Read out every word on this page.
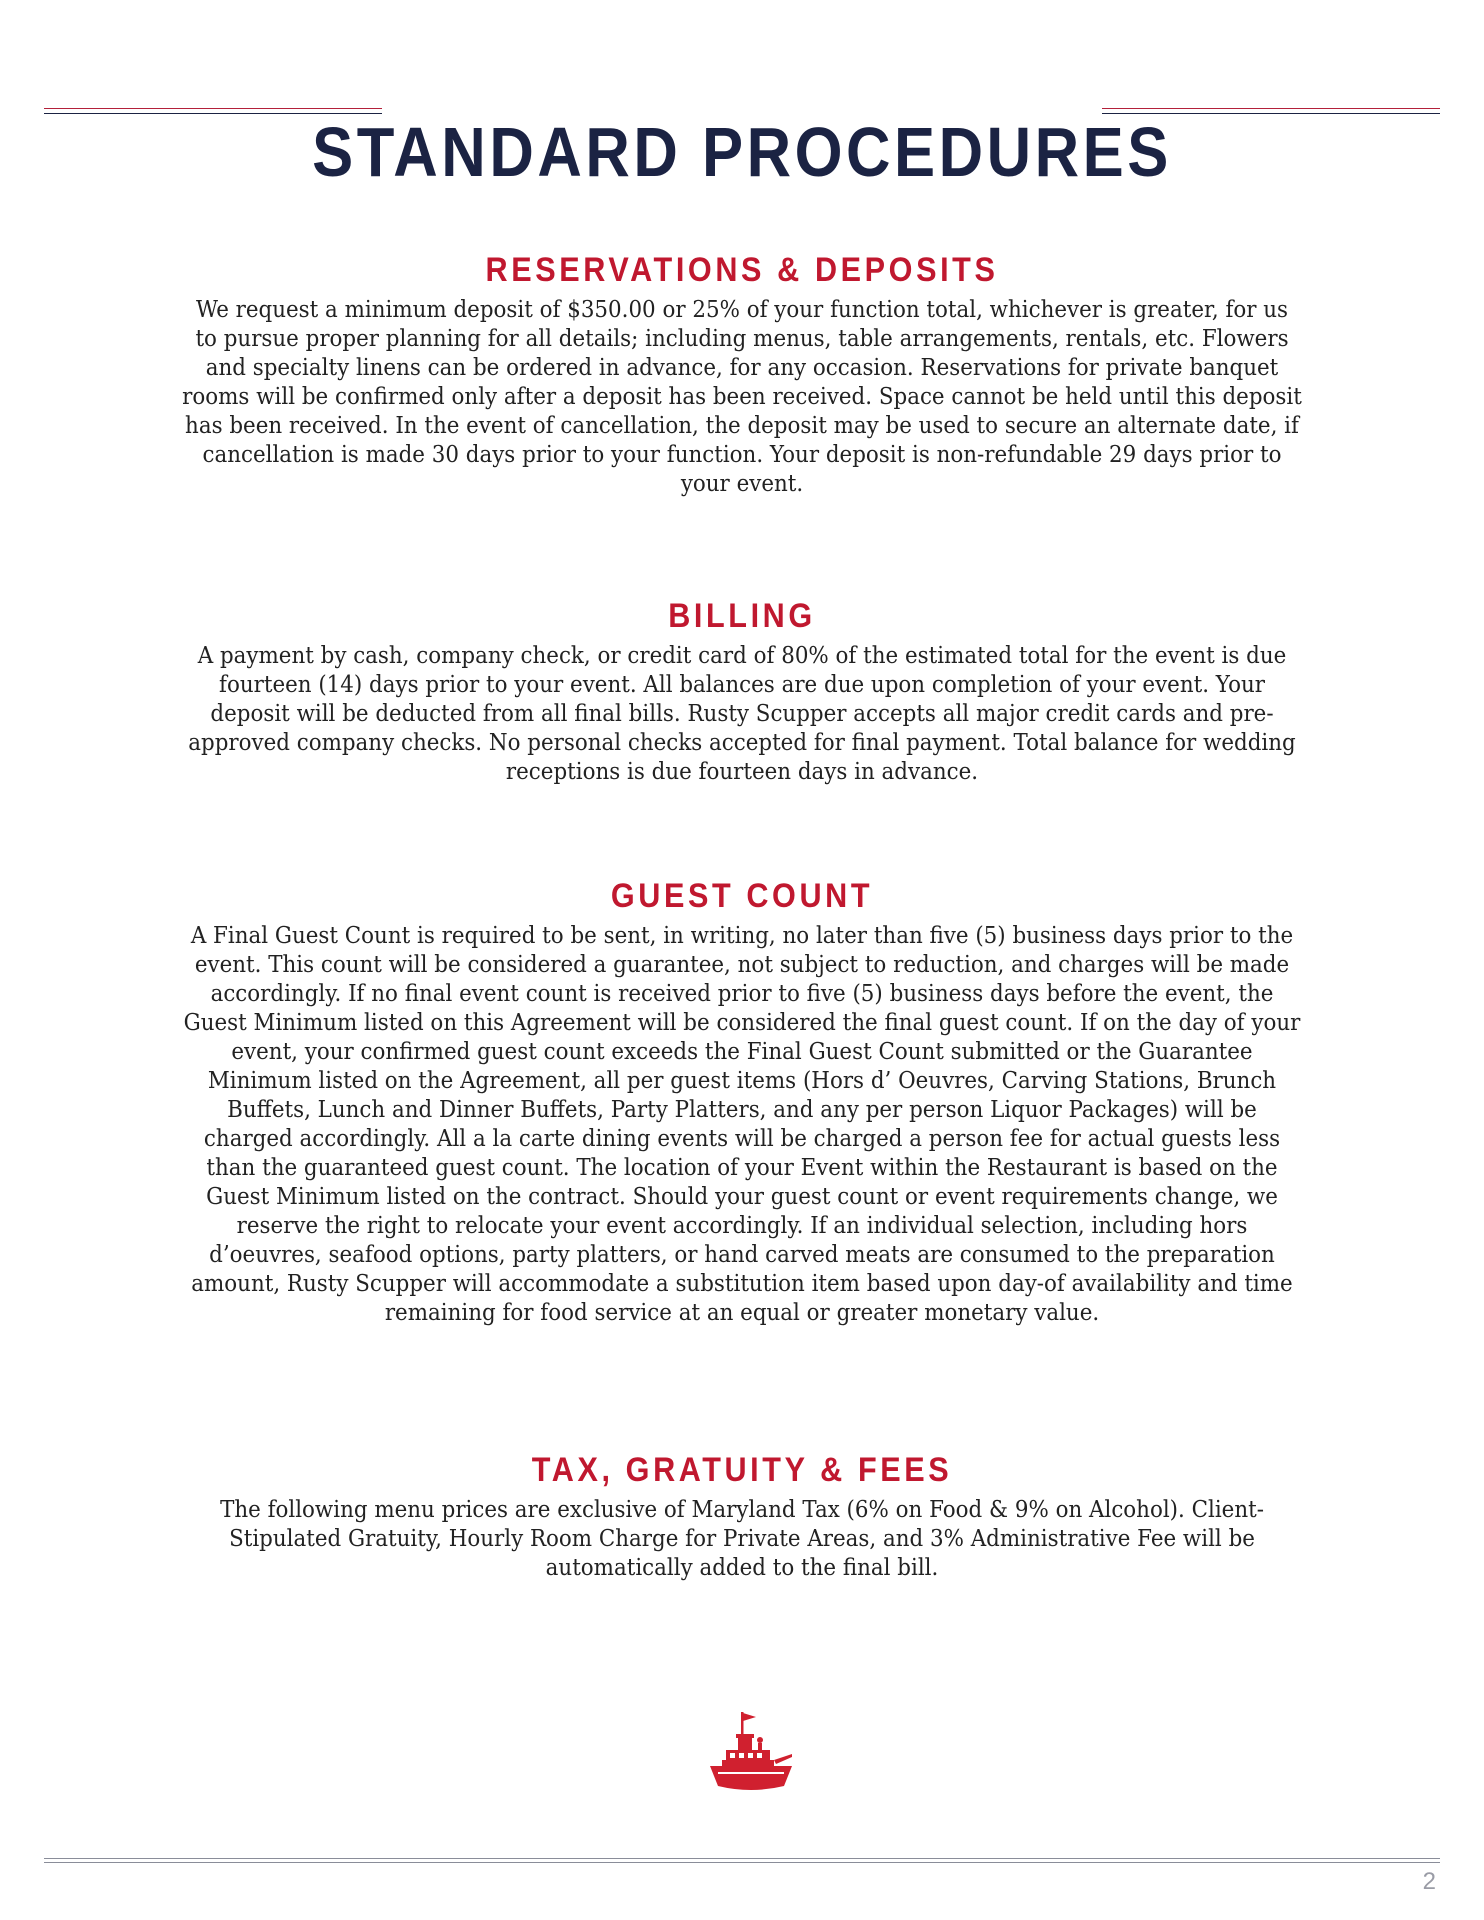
STANDARD PROCEDURES
RESERVATIONS & DEPOSITS

We request a minimum deposit of $350.00 or 25% of your function total, whichever is greater, for us to pursue proper planning for all details; including menus, table arrangements, rentals, etc. Flowers and specialty linens can be ordered in advance, for any occasion. Reservations for private banquet rooms will be confirmed only after a deposit has been received. Space cannot be held until this deposit has been received. In the event of cancellation, the deposit may be used to secure an alternate date, if cancellation is made 30 days prior to your function. Your deposit is non-refundable 29 days prior to your event.

BILLING

A payment by cash, company check, or credit card of 80% of the estimated total for the event is due fourteen (14) days prior to your event. All balances are due upon completion of your event. Your deposit will be deducted from all final bills. Rusty Scupper accepts all major credit cards and pre-approved company checks. No personal checks accepted for final payment. Total balance for wedding receptions is due fourteen days in advance.

GUEST COUNT

A Final Guest Count is required to be sent, in writing, no later than five (5) business days prior to the event. This count will be considered a guarantee, not subject to reduction, and charges will be made accordingly. If no final event count is received prior to five (5) business days before the event, the Guest Minimum listed on this Agreement will be considered the final guest count. If on the day of your event, your confirmed guest count exceeds the Final Guest Count submitted or the Guarantee Minimum listed on the Agreement, all per guest items (Hors d’ Oeuvres, Carving Stations, Brunch Buffets, Lunch and Dinner Buffets, Party Platters, and any per person Liquor Packages) will be charged accordingly. All a la carte dining events will be charged a person fee for actual guests less than the guaranteed guest count. The location of your Event within the Restaurant is based on the Guest Minimum listed on the contract. Should your guest count or event requirements change, we reserve the right to relocate your event accordingly. If an individual selection, including hors d’oeuvres, seafood options, party platters, or hand carved meats are consumed to the preparation amount, Rusty Scupper will accommodate a substitution item based upon day-of availability and time remaining for food service at an equal or greater monetary value.

TAX, GRATUITY & FEES

The following menu prices are exclusive of Maryland Tax (6% on Food & 9% on Alcohol). Client-Stipulated Gratuity, Hourly Room Charge for Private Areas, and 3% Administrative Fee will be automatically added to the final bill.

2
